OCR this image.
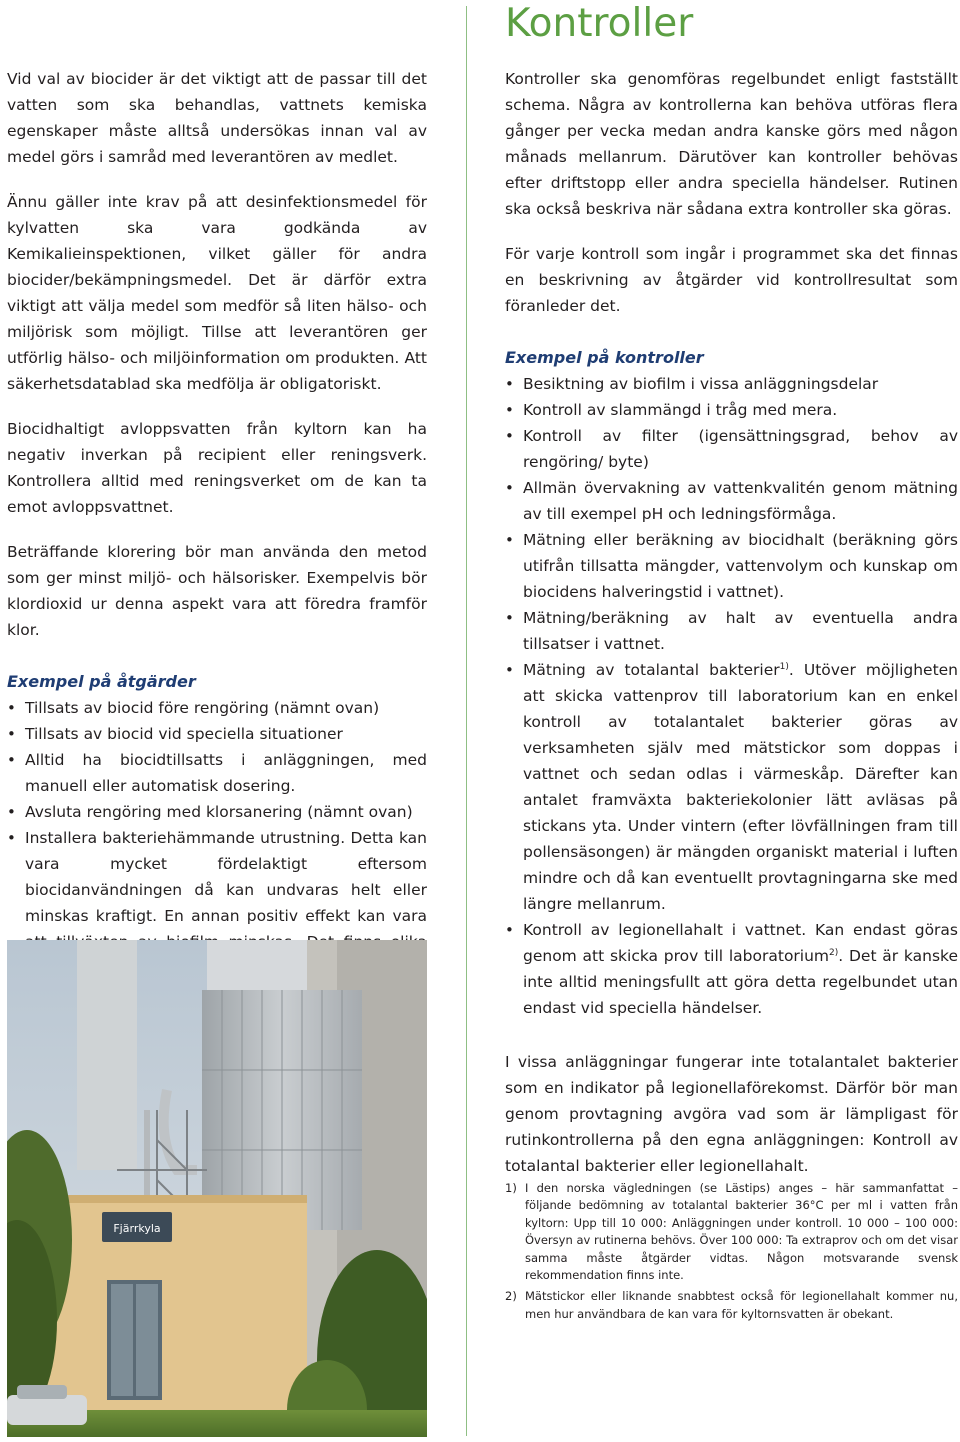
Kontroller

Vid val av biocider är det viktigt att de passar till det vatten som ska behandlas, vattnets kemiska egenskaper måste alltså undersökas innan val av medel görs i samråd med leverantören av medlet.

Ännu gäller inte krav på att desinfektionsmedel för kylvatten ska vara godkända av Kemikalieinspektionen, vilket gäller för andra biocider/bekämpningsmedel. Det är därför extra viktigt att välja medel som medför så liten hälso- och miljörisk som möjligt. Tillse att leverantören ger utförlig hälso- och miljöinformation om produkten. Att säkerhetsdatablad ska medfölja är obligatoriskt.

Biocidhaltigt avloppsvatten från kyltorn kan ha negativ inverkan på recipient eller reningsverk. Kontrollera alltid med reningsverket om de kan ta emot avloppsvattnet.

Beträffande klorering bör man använda den metod som ger minst miljö- och hälsorisker. Exempelvis bör klordioxid ur denna aspekt vara att föredra framför klor.

Exempel på åtgärder
• Tillsats av biocid före rengöring (nämnt ovan)
• Tillsats av biocid vid speciella situationer
• Alltid ha biocidtillsatts i anläggningen, med manuell eller automatisk dosering.
• Avsluta rengöring med klorsanering (nämnt ovan)
• Installera bakteriehämmande utrustning. Detta kan vara mycket fördelaktigt eftersom biocidanvändningen då kan undvaras helt eller minskas kraftigt. En annan positiv effekt kan vara
Fjärrkyla

Kontroller ska genomföras regelbundet enligt fastställt schema. Några av kontrollerna kan behöva utföras flera gånger per vecka medan andra kanske görs med någon månads mellanrum. Därutöver kan kontroller behövas efter driftstopp eller andra speciella händelser. Rutinen ska också beskriva när sådana extra kontroller ska göras.

För varje kontroll som ingår i programmet ska det finnas en beskrivning av åtgärder vid kontrollresultat som föranleder det.

Exempel på kontroller
• Besiktning av biofilm i vissa anläggningsdelar
• Kontroll av slammängd i tråg med mera.
• Kontroll av filter (igensättningsgrad, behov av rengöring/ byte)
• Allmän övervakning av vattenkvalitén genom mätning av till exempel pH och ledningsförmåga.
• Mätning eller beräkning av biocidhalt (beräkning görs utifrån tillsatta mängder, vattenvolym och kunskap om biocidens halveringstid i vattnet).
• Mätning/beräkning av halt av eventuella andra tillsatser i vattnet.
• Mätning av totalantal bakterier$^{1)}$. Utöver möjligheten att skicka vattenprov till laboratorium kan en enkel kontroll av totalantalet bakterier göras av verksamheten själv med mätstickor som doppas i vattnet och sedan odlas i värmeskåp. Därefter kan antalet framväxta bakteriekolonier lätt avläsas på stickans yta. Under vintern (efter lövfällningen fram till pollensäsongen) är mängden organiskt material i luften mindre och då kan eventuellt provtagningarna ske med längre mellanrum.
• Kontroll av legionellahalt i vattnet. Kan endast göras genom att skicka prov till laboratorium$^{2)}$. Det är kanske inte alltid meningsfullt att göra detta regelbundet utan endast vid speciella händelser.

I vissa anläggningar fungerar inte totalantalet bakterier som en indikator på legionellaförekomst. Därför bör man genom provtagning avgöra vad som är lämpligast för rutinkontrollerna på den egna anläggningen: Kontroll av totalantal bakterier eller legionellahalt.

1) I den norska vägledningen (se Lästips) anges – här sammanfattat – följande bedömning av totalantal bakterier 36°C per ml i vatten från kyltorn: Upp till 10 000: Anläggningen under kontroll. 10 000 – 100 000: Översyn av rutinerna behövs. Över 100 000: Ta extraprov och om det visar samma måste åtgärder vidtas. Någon motsvarande svensk rekommendation finns inte.
2) Mätstickor eller liknande snabbtest också för legionellahalt kommer nu, men hur användbara de kan vara för kyltornsvatten är obekant.
